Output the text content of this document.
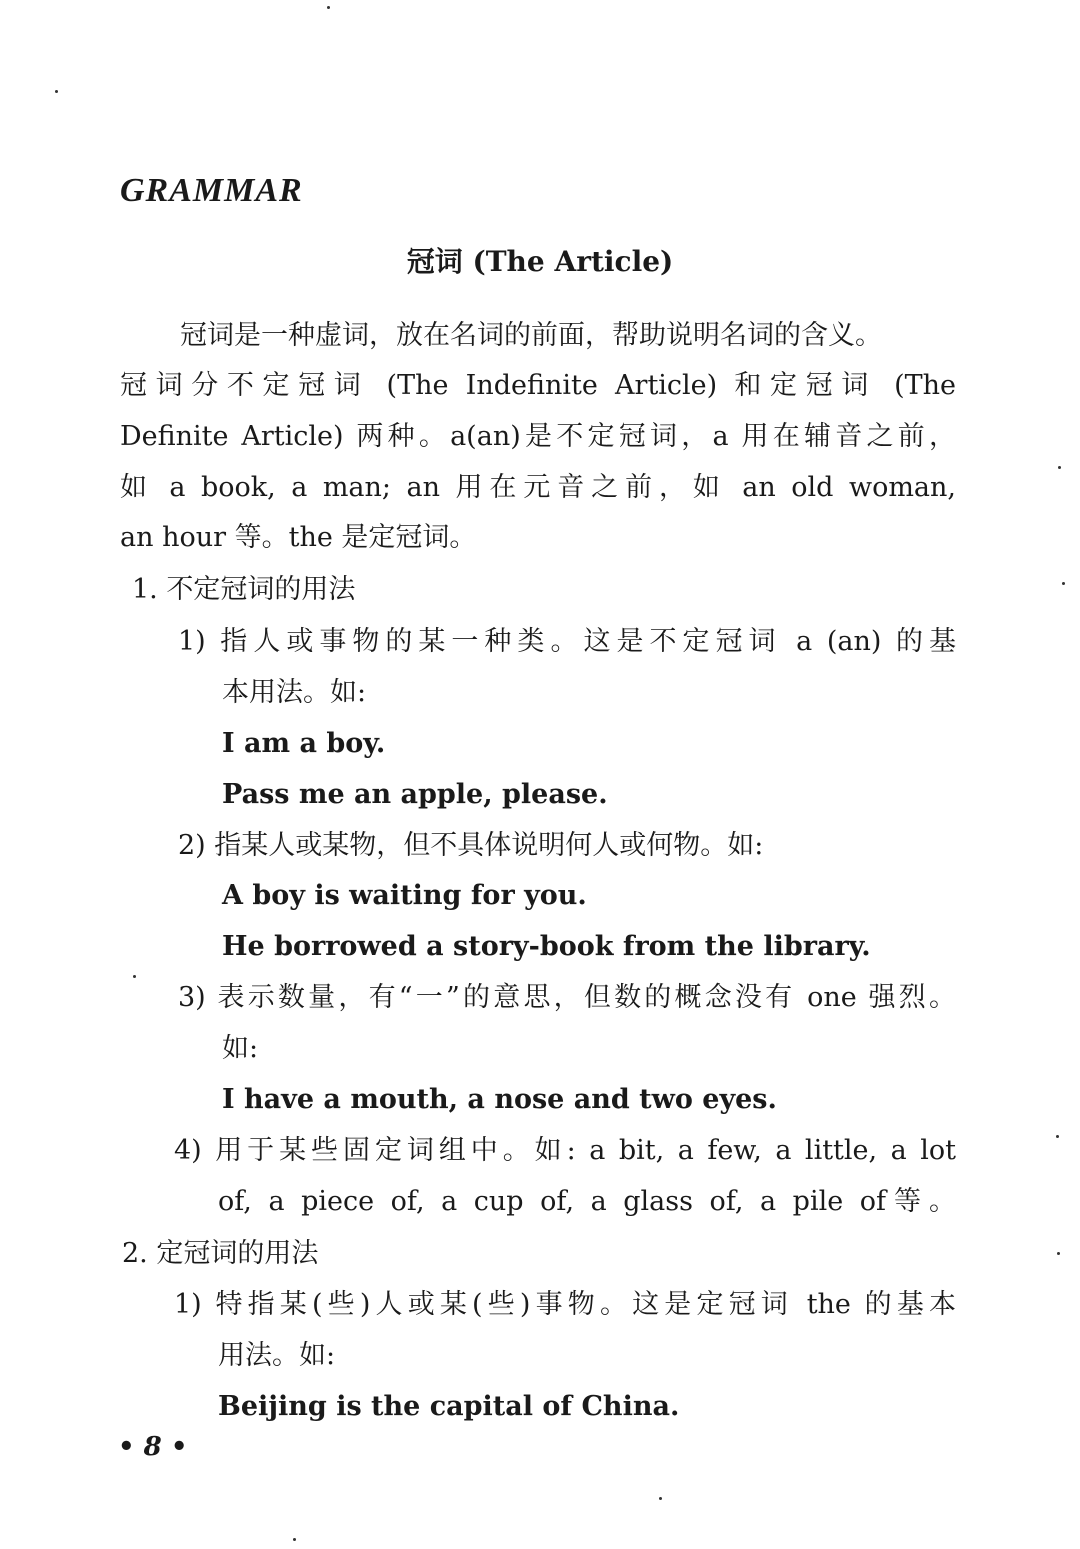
GRAMMAR
冠词 (The Article)

冠词是一种虚词，放在名词的前面，帮助说明名词的含义。

冠词分不定冠词 (The Indefinite Article) 和定冠词 (The

Definite Article) 两种。a(an)是不定冠词，a 用在辅音之前，

如 a book, a man; an 用在元音之前，如 an old woman,

an hour 等。the 是定冠词。

1. 不定冠词的用法

1) 指人或事物的某一种类。这是不定冠词 a (an) 的基

本用法。如:

I am a boy.

Pass me an apple, please.

2) 指某人或某物，但不具体说明何人或何物。如:

A boy is waiting for you.

He borrowed a story-book from the library.

3) 表示数量，有“一”的意思，但数的概念没有 one 强烈。

如:

I have a mouth, a nose and two eyes.

4) 用于某些固定词组中。如: a bit, a few, a little, a lot

of, a piece of, a cup of, a glass of, a pile of等。

2. 定冠词的用法

1) 特指某(些)人或某(些)事物。这是定冠词 the 的基本

用法。如:

Beijing is the capital of China.

• 8 •
